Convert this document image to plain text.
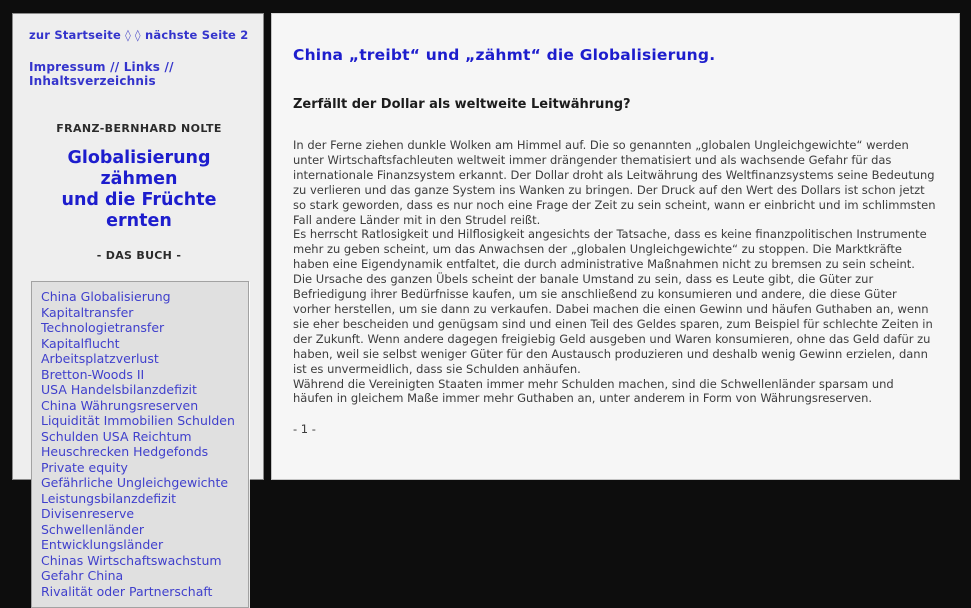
zur Startseite ◊ ◊ nächste Seite 2
Impressum // Links // Inhaltsverzeichnis
FRANZ-BERNHARD NOLTE
Globalisierung zähmen
und die Früchte ernten
- DAS BUCH -
China Globalisierung
Kapitaltransfer Technologietransfer
Kapitalflucht Arbeitsplatzverlust
Bretton-Woods II
USA Handelsbilanzdefizit
China Währungsreserven
Liquidität Immobilien Schulden
Schulden USA Reichtum
Heuschrecken Hedgefonds Private equity
Gefährliche Ungleichgewichte
Leistungsbilanzdefizit Divisenreserve
Schwellenländer Entwicklungsländer
Chinas Wirtschaftswachstum
Gefahr China
Rivalität oder Partnerschaft
China „treibt“ und „zähmt“ die Globalisierung.
Zerfällt der Dollar als weltweite Leitwährung?

In der Ferne ziehen dunkle Wolken am Himmel auf. Die so genannten „globalen Ungleichgewichte“ werden unter Wirtschaftsfachleuten weltweit immer drängender thematisiert und als wachsende Gefahr für das internationale Finanzsystem erkannt. Der Dollar droht als Leitwährung des Weltfinanzsystems seine Bedeutung zu verlieren und das ganze System ins Wanken zu bringen. Der Druck auf den Wert des Dollars ist schon jetzt so stark geworden, dass es nur noch eine Frage der Zeit zu sein scheint, wann er einbricht und im schlimmsten Fall andere Länder mit in den Strudel reißt.

Es herrscht Ratlosigkeit und Hilflosigkeit angesichts der Tatsache, dass es keine finanzpolitischen Instrumente mehr zu geben scheint, um das Anwachsen der „globalen Ungleichgewichte“ zu stoppen. Die Marktkräfte haben eine Eigendynamik entfaltet, die durch administrative Maßnahmen nicht zu bremsen zu sein scheint.

Die Ursache des ganzen Übels scheint der banale Umstand zu sein, dass es Leute gibt, die Güter zur Befriedigung ihrer Bedürfnisse kaufen, um sie anschließend zu konsumieren und andere, die diese Güter vorher herstellen, um sie dann zu verkaufen. Dabei machen die einen Gewinn und häufen Guthaben an, wenn sie eher bescheiden und genügsam sind und einen Teil des Geldes sparen, zum Beispiel für schlechte Zeiten in der Zukunft. Wenn andere dagegen freigiebig Geld ausgeben und Waren konsumieren, ohne das Geld dafür zu haben, weil sie selbst weniger Güter für den Austausch produzieren und deshalb wenig Gewinn erzielen, dann ist es unvermeidlich, dass sie Schulden anhäufen.

Während die Vereinigten Staaten immer mehr Schulden machen, sind die Schwellenländer sparsam und häufen in gleichem Maße immer mehr Guthaben an, unter anderem in Form von Währungsreserven.

- 1 -
